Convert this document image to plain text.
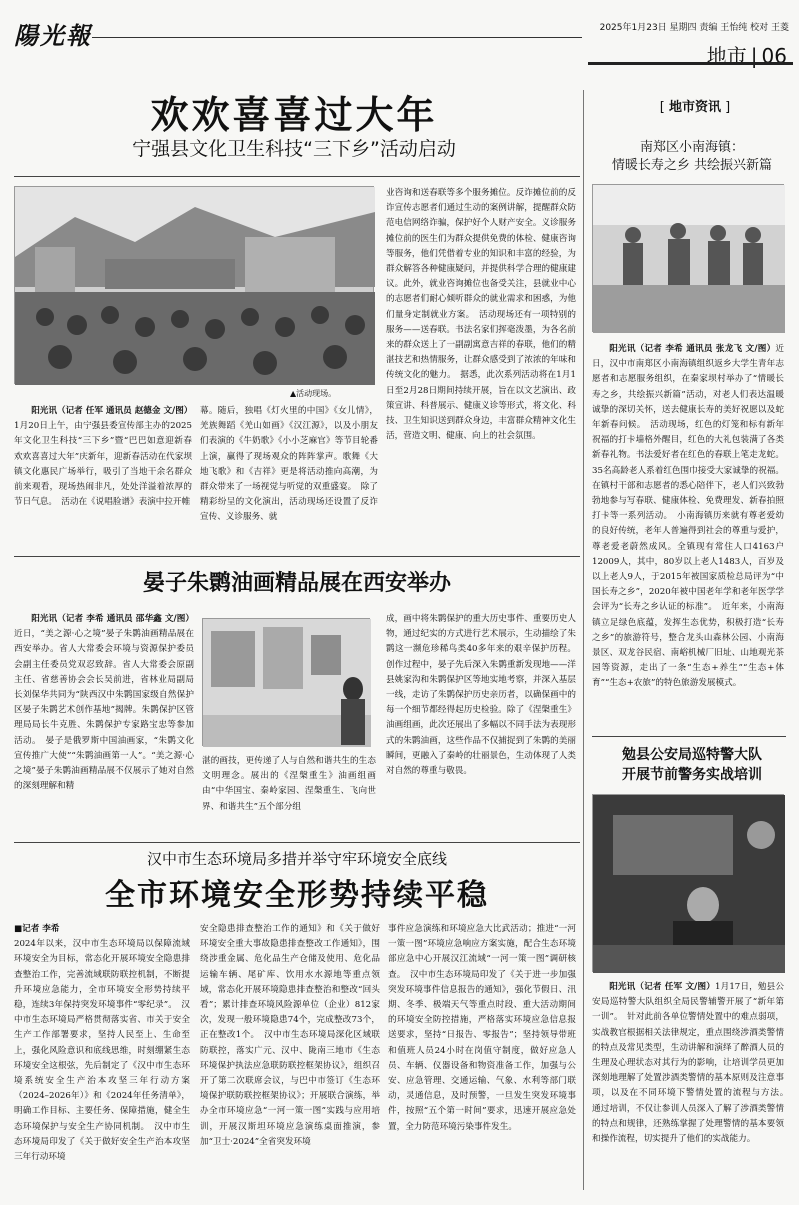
陽光報	2025年1月23日 星期四 责编 王怡纯 校对 王菱
地市 | 06
欢欢喜喜过大年
宁强县文化卫生科技“三下乡”活动启动
▲活动现场。

阳光讯（记者 任军 通讯员 赵德金 文/图）1月20日上午，由宁强县委宣传部主办的2025年文化卫生科技“三下乡”暨“巴巴如意迎新春 欢欢喜喜过大年”庆新年，迎新春活动在代家坝镇文化惠民广场举行，吸引了当地干余名群众前来观看，现场热闹非凡，处处洋溢着浓厚的节日气息。　活动在《说唱脸谱》表演中拉开帷

幕。随后，独唱《灯火里的中国》《女儿情》，羌族舞蹈《羌山如画》《汉江源》，以及小朋友们表演的《牛奶歌》《小小芝麻官》等节目轮番上演，赢得了现场观众的阵阵掌声。歌舞《大地飞歌》和《吉祥》更是将活动推向高潮，为群众带来了一场视觉与听觉的双重盛宴。　除了精彩纷呈的文化演出，活动现场还设置了反诈宣传、义诊服务、就
业咨询和送春联等多个服务摊位。反诈摊位前的反诈宣传志愿者们通过生动的案例讲解，提醒群众防范电信网络诈骗，保护好个人财产安全。义诊服务摊位前的医生们为群众提供免费的体检、健康咨询等服务，他们凭借着专业的知识和丰富的经验，为群众解答各种健康疑问，并提供科学合理的健康建议。此外，就业咨询摊位也备受关注，县就业中心的志愿者们耐心倾听群众的就业需求和困惑，为他们量身定制就业方案。　活动现场还有一项特别的服务——送春联。书法名家们挥毫泼墨，为各名前来的群众送上了一副副寓意吉祥的春联，他们的精湛技艺和热情服务，让群众感受到了浓浓的年味和传统文化的魅力。　据悉，此次系列活动将在1月1日至2月28日期间持续开展，旨在以文艺演出、政策宣讲、科普展示、健康义诊等形式，将文化、科技、卫生知识送到群众身边，丰富群众精神文化生活，营造文明、健康、向上的社会氛围。
晏子朱鹮油画精品展在西安举办

阳光讯（记者 李希 通讯员 邵华鑫 文/图）近日，“美之源·心之境”晏子朱鹮油画精品展在西安举办。省人大常委会环境与资源保护委员会副主任委员党双忍致辞。省人大常委会原副主任、省慈善协会会长吴前进，省林业局副局长刘保华共同为“陕西汉中朱鹮国家级自然保护区晏子朱鹮艺术创作基地”揭牌。朱鹮保护区管理局局长牛克胜、朱鹮保护专家路宝忠等参加活动。　晏子是俄罗斯中国油画家，“朱鹮文化宣传推广大使”“朱鹮油画第一人”。“美之源·心之境”晏子朱鹮油画精品展不仅展示了她对自然的深刻理解和精

湛的画技，更传递了人与自然和谐共生的生态文明理念。展出的《涅槃重生》油画组画由“中华国宝、秦岭家园、涅槃重生、飞向世界、和谐共生”五个部分组
成，画中将朱鹮保护的重大历史事件、重要历史人物，通过纪实的方式进行艺术展示，生动描绘了朱鹮这一濒危珍稀鸟类40多年来的艰辛保护历程。创作过程中，晏子先后深入朱鹮重新发现地——洋县姚家沟和朱鹮保护区等地实地考察，并深入基层一线，走访了朱鹮保护历史亲历者，以确保画中的每一个细节都经得起历史检验。除了《涅槃重生》油画组画，此次还展出了多幅以不同手法为表现形式的朱鹮油画，这些作品不仅捕捉到了朱鹮的美丽瞬间，更融入了秦岭的壮丽景色，生动体现了人类对自然的尊重与敬畏。
汉中市生态环境局多措并举守牢环境安全底线
全市环境安全形势持续平稳

■记者 李希
2024年以来，汉中市生态环境局以保障流域环境安全为目标，常态化开展环境安全隐患排查整治工作，完善流域联防联控机制，不断提升环境应急能力，全市环境安全形势持续平稳，连续3年保持突发环境事件“零纪录”。　汉中市生态环境局严格贯彻落实省、市关于安全生产工作部署要求，坚持人民至上、生命至上，强化风险意识和底线思维，时刻绷紧生态环境安全这根弦，先后制定了《汉中市生态环境系统安全生产治本攻坚三年行动方案（2024–2026年）》和《2024年任务清单》，明确工作目标、主要任务、保障措施，健全生态环境保护与安全生产协同机制。　汉中市生态环境局印发了《关于做好安全生产治本攻坚三年行动环境

安全隐患排查整治工作的通知》和《关于做好环境安全重大事故隐患排查整改工作通知》，围绕涉重金属、危化品生产仓储及使用、危化品运输车辆、尾矿库、饮用水水源地等重点领域，常态化开展环境隐患排查整治和整改“回头看”；累计排查环境风险源单位（企业）812家次，发现一般环境隐患74个，完成整改73个，正在整改1个。　汉中市生态环境局深化区域联防联控，落实广元、汉中、陇南三地市《生态环境保护执法应急联防联控框架协议》，组织召开了第二次联席会议，与巴中市签订《生态环境保护联防联控框架协议》；开展联合演练，举办全市环境应急“一河一策一图”实践与应用培训，开展汉斯坦环境应急演练桌面推演，参加“卫士·2024”全省突发环境
事件应急演练和环境应急大比武活动；推进“一河一策一图”环境应急响应方案实施，配合生态环境部应急中心开展汉江流域“一河一策一图”调研核查。　汉中市生态环境局印发了《关于进一步加强突发环境事件信息报告的通知》，强化节假日、汛期、冬季、极端天气等重点时段、重大活动期间的环境安全防控措施，严格落实环境应急信息报送要求，坚持“日报告、零报告”；坚持领导带班和值班人员24小时在岗值守制度，做好应急人员、车辆、仪器设备和物资准备工作，加强与公安、应急管理、交通运输、气象、水利等部门联动，灵通信息，及时预警，一旦发生突发环境事件，按照“五个第一时间”要求，迅速开展应急处置，全力防范环境污染事件发生。
[ 地市资讯 ]
南郑区小南海镇：
情暖长寿之乡 共绘振兴新篇

阳光讯（记者 李希 通讯员 张龙飞 文/图）近日，汉中市南郑区小南海镇组织返乡大学生青年志愿者和志愿服务组织，在秦家坝村举办了“情暖长寿之乡，共绘振兴新篇”活动，对老人们表达温暖诚挚的深切关怀，送去健康长寿的美好祝愿以及蛇年新春问候。　活动现场，红色的灯笼和标有新年祝福的打卡墙格外醒目，红色的大礼包装满了各类新春礼物。书法爱好者在红色的春联上笔走龙蛇。35名高龄老人系着红色围巾接受大家诚挚的祝福。在镇村干部和志愿者的悉心陪伴下，老人们兴致勃勃地参与写春联、健康体检、免费理发、新春拍照打卡等一系列活动。　小南海镇历来就有尊老爱幼的良好传统，老年人普遍得到社会的尊重与爱护，尊老爱老蔚然成风。全镇现有常住人口4163户12009人，其中，80岁以上老人1483人，百岁及以上老人9人，于2015年被国家质检总局评为“中国长寿之乡”，2020年被中国老年学和老年医学学会评为“长寿之乡认证的标准”。　近年来，小南海镇立足绿色底蕴，发挥生态优势，积极打造“长寿之乡”的旅游符号，整合龙头山森林公园、小南海景区、双龙谷民宿、南峪机械厂旧址、山地观光茶园等资源，走出了一条“生态+养生”“生态+体育”“生态+农旅”的特色旅游发展模式。

勉县公安局巡特警大队
开展节前警务实战培训

阳光讯（记者 任军 文/图）1月17日，勉县公安局巡特警大队组织全局民警辅警开展了“新年第一训”。　针对此前各单位警情处置中的难点弱项，实战教官根据相关法律规定，重点围绕涉酒类警情的特点及常见类型，生动讲解和演绎了醉酒人员的生理及心理状态对其行为的影响，让培训学员更加深刻地理解了处置涉酒类警情的基本原则及注意事项，以及在不同环境下警情处置的流程与方法。　通过培训，不仅让参训人员深入了解了涉酒类警情的特点和规律，还熟练掌握了处理警情的基本要领和操作流程，切实提升了他们的实战能力。
